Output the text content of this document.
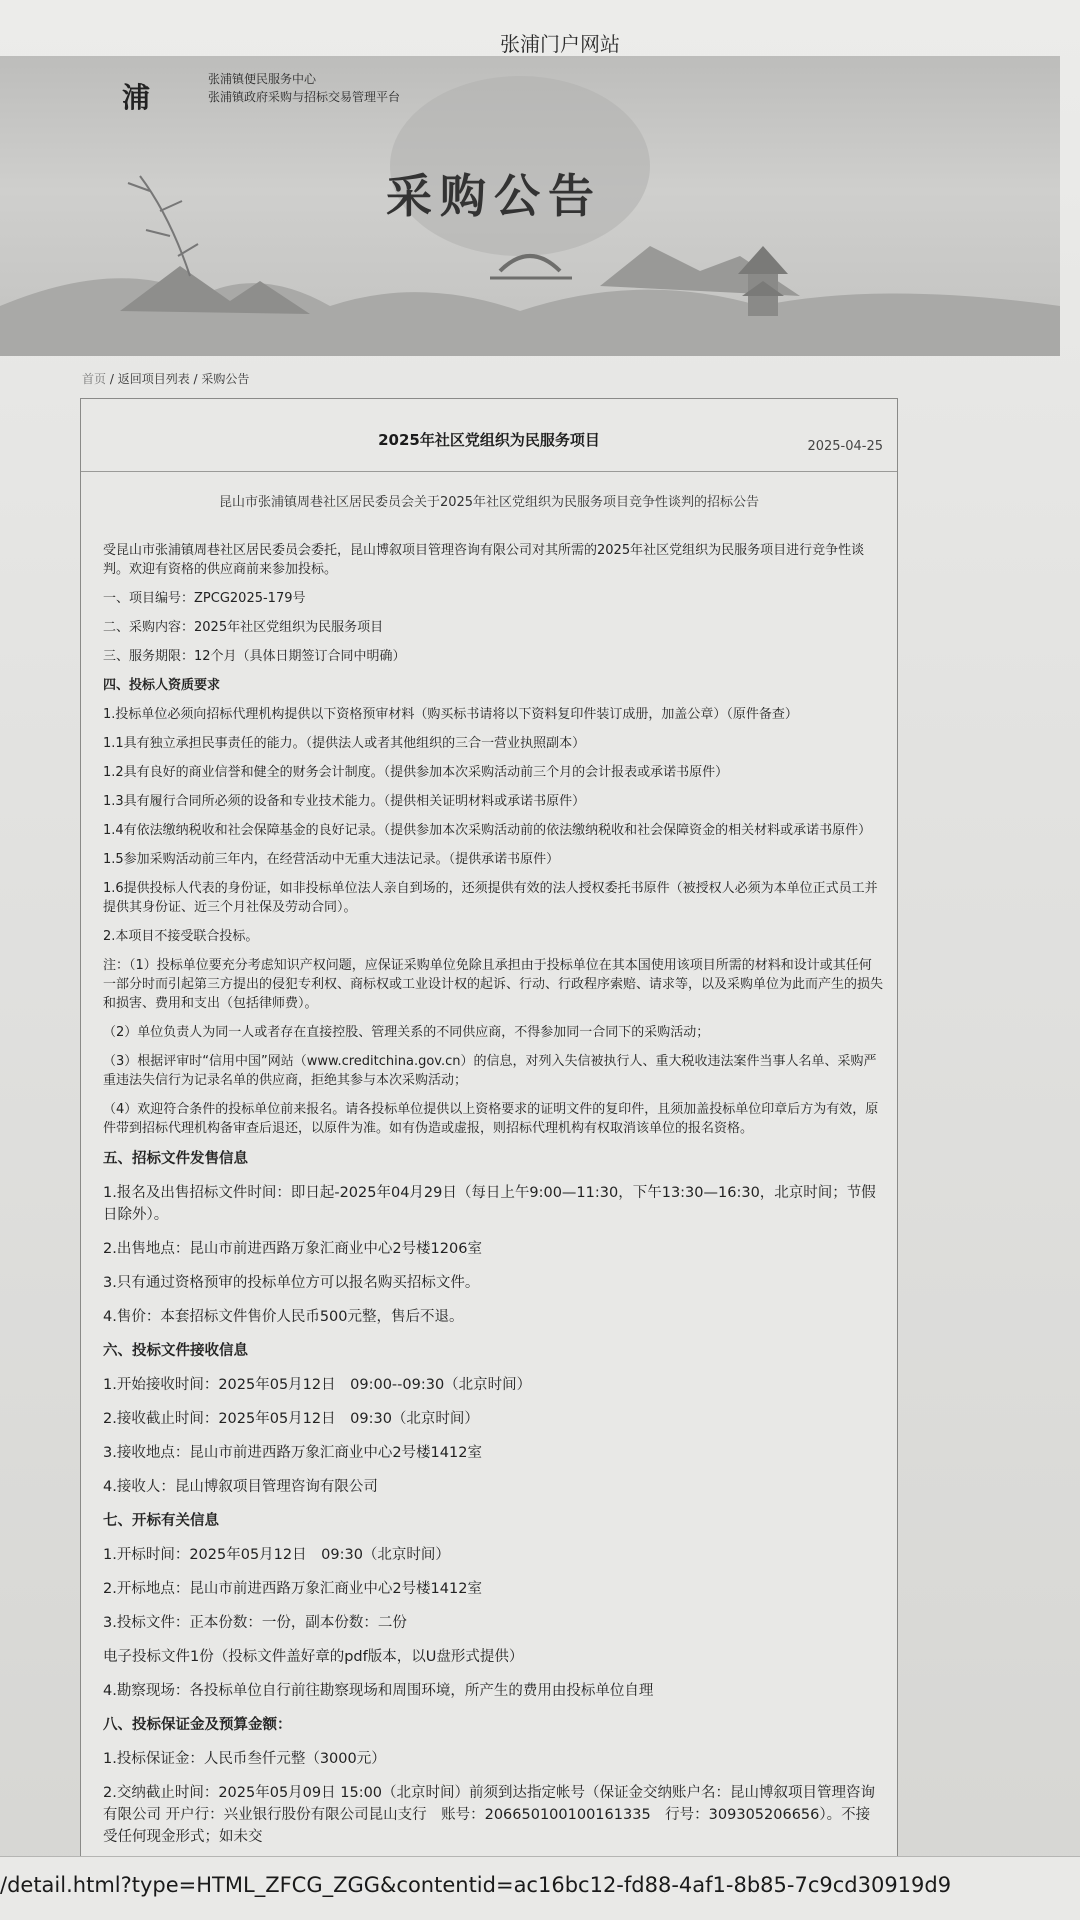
张浦门户网站
浦
张浦镇便民服务中心
张浦镇政府采购与招标交易管理平台
采购公告
首页 / 返回项目列表 / 采购公告
2025年社区党组织为民服务项目	2025-04-25
昆山市张浦镇周巷社区居民委员会关于2025年社区党组织为民服务项目竞争性谈判的招标公告

受昆山市张浦镇周巷社区居民委员会委托，昆山博叙项目管理咨询有限公司对其所需的2025年社区党组织为民服务项目进行竞争性谈判。欢迎有资格的供应商前来参加投标。

一、项目编号：ZPCG2025-179号

二、采购内容：2025年社区党组织为民服务项目

三、服务期限：12个月（具体日期签订合同中明确）

四、投标人资质要求

1.投标单位必须向招标代理机构提供以下资格预审材料（购买标书请将以下资料复印件装订成册，加盖公章）（原件备查）

1.1具有独立承担民事责任的能力。（提供法人或者其他组织的三合一营业执照副本）

1.2具有良好的商业信誉和健全的财务会计制度。（提供参加本次采购活动前三个月的会计报表或承诺书原件）

1.3具有履行合同所必须的设备和专业技术能力。（提供相关证明材料或承诺书原件）

1.4有依法缴纳税收和社会保障基金的良好记录。（提供参加本次采购活动前的依法缴纳税收和社会保障资金的相关材料或承诺书原件）

1.5参加采购活动前三年内，在经营活动中无重大违法记录。（提供承诺书原件）

1.6提供投标人代表的身份证，如非投标单位法人亲自到场的，还须提供有效的法人授权委托书原件（被授权人必须为本单位正式员工并提供其身份证、近三个月社保及劳动合同）。

2.本项目不接受联合投标。

注：（1）投标单位要充分考虑知识产权问题，应保证采购单位免除且承担由于投标单位在其本国使用该项目所需的材料和设计或其任何一部分时而引起第三方提出的侵犯专利权、商标权或工业设计权的起诉、行动、行政程序索赔、请求等，以及采购单位为此而产生的损失和损害、费用和支出（包括律师费）。

（2）单位负责人为同一人或者存在直接控股、管理关系的不同供应商，不得参加同一合同下的采购活动；

（3）根据评审时“信用中国”网站（www.creditchina.gov.cn）的信息，对列入失信被执行人、重大税收违法案件当事人名单、采购严重违法失信行为记录名单的供应商，拒绝其参与本次采购活动；

（4）欢迎符合条件的投标单位前来报名。请各投标单位提供以上资格要求的证明文件的复印件，且须加盖投标单位印章后方为有效，原件带到招标代理机构备审查后退还，以原件为准。如有伪造或虚报，则招标代理机构有权取消该单位的报名资格。

五、招标文件发售信息

1.报名及出售招标文件时间：即日起-2025年04月29日（每日上午9:00—11:30，下午13:30—16:30，北京时间；节假日除外）。

2.出售地点：昆山市前进西路万象汇商业中心2号楼1206室

3.只有通过资格预审的投标单位方可以报名购买招标文件。

4.售价：本套招标文件售价人民币500元整，售后不退。

六、投标文件接收信息

1.开始接收时间：2025年05月12日　09:00--09:30（北京时间）

2.接收截止时间：2025年05月12日　09:30（北京时间）

3.接收地点：昆山市前进西路万象汇商业中心2号楼1412室

4.接收人：昆山博叙项目管理咨询有限公司

七、开标有关信息

1.开标时间：2025年05月12日　09:30（北京时间）

2.开标地点：昆山市前进西路万象汇商业中心2号楼1412室

3.投标文件：正本份数：一份，副本份数：二份

电子投标文件1份（投标文件盖好章的pdf版本，以U盘形式提供）

4.勘察现场：各投标单位自行前往勘察现场和周围环境，所产生的费用由投标单位自理

八、投标保证金及预算金额：

1.投标保证金：人民币叁仟元整（3000元）

2.交纳截止时间：2025年05月09日 15:00（北京时间）前须到达指定帐号（保证金交纳账户名：昆山博叙项目管理咨询有限公司 开户行：兴业银行股份有限公司昆山支行　账号：206650100100161335　行号：309305206656）。不接受任何现金形式；如未交

/detail.html?type=HTML_ZFCG_ZGG&contentid=ac16bc12-fd88-4af1-8b85-7c9cd30919d9
